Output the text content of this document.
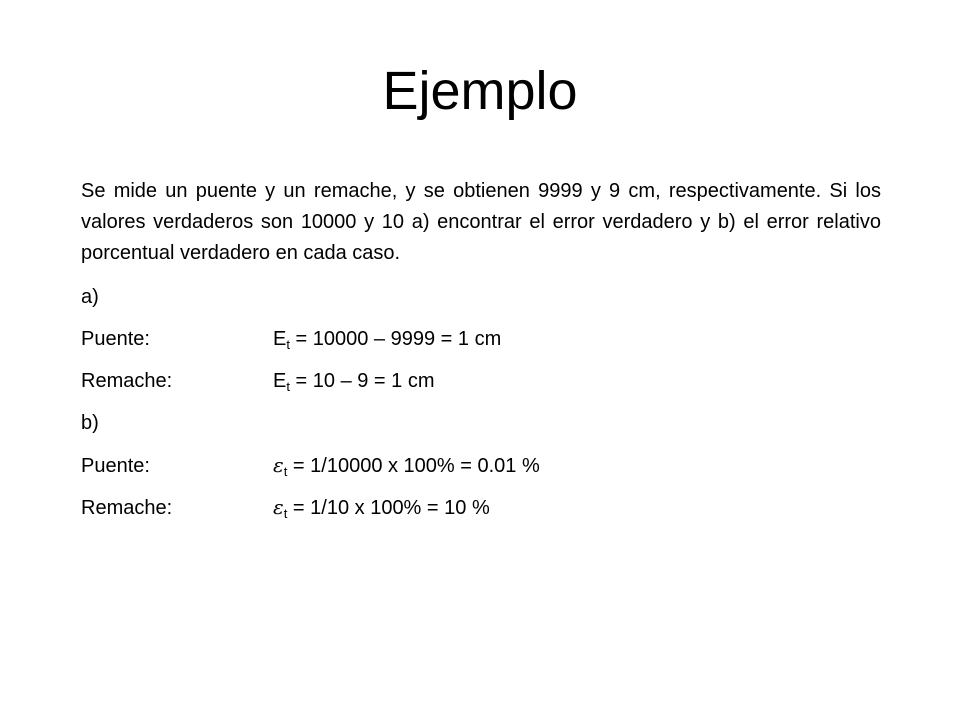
Ejemplo

Se mide un puente y un remache, y se obtienen 9999 y 9 cm, respectivamente. Si los valores verdaderos son 10000 y 10 a) encontrar el error verdadero y b) el error relativo porcentual verdadero en cada caso.

a)

Puente:	$E_t = 10000 - 9999 = 1$ cm

Remache:	$E_t = 10 - 9 = 1$ cm

b)

Puente:	$\varepsilon_t = 1/10000$ x 100% = 0.01 %

Remache:	$\varepsilon_t = 1/10$ x 100% = 10 %
